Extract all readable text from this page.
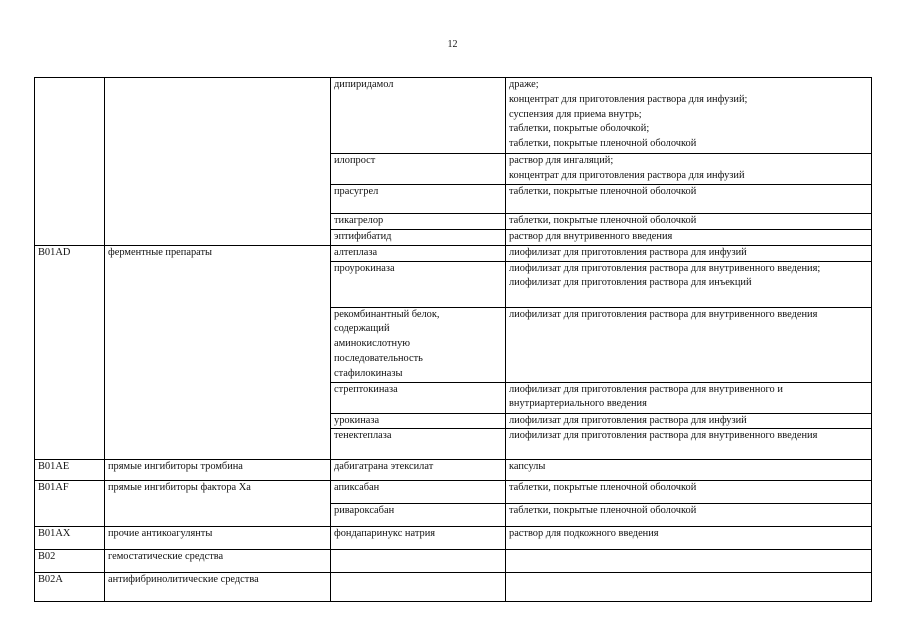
12
		дипиридамол	драже;
концентрат для приготовления раствора для инфузий;
суспензия для приема внутрь;
таблетки, покрытые оболочкой;
таблетки, покрытые пленочной оболочкой
		илопрост	раствор для ингаляций;
концентрат для приготовления раствора для инфузий
		прасугрел	таблетки, покрытые пленочной оболочкой
		тикагрелор	таблетки, покрытые пленочной оболочкой
		эптифибатид	раствор для внутривенного введения
B01AD	ферментные препараты	алтеплаза	лиофилизат для приготовления раствора для инфузий
		проурокиназа	лиофилизат для приготовления раствора для внутривенного введения;
лиофилизат для приготовления раствора для инъекций
		рекомбинантный белок,
содержащий
аминокислотную
последовательность
стафилокиназы	лиофилизат для приготовления раствора для внутривенного введения
		стрептокиназа	лиофилизат для приготовления раствора для внутривенного и внутриартериального введения
		урокиназа	лиофилизат для приготовления раствора для инфузий
		тенектеплаза	лиофилизат для приготовления раствора для внутривенного введения
B01AE	прямые ингибиторы тромбина	дабигатрана этексилат	капсулы
B01AF	прямые ингибиторы фактора Xa	апиксабан	таблетки, покрытые пленочной оболочкой
		ривароксабан	таблетки, покрытые пленочной оболочкой
B01AX	прочие антикоагулянты	фондапаринукс натрия	раствор для подкожного введения
B02	гемостатические средства		
B02A	антифибринолитические средства		
